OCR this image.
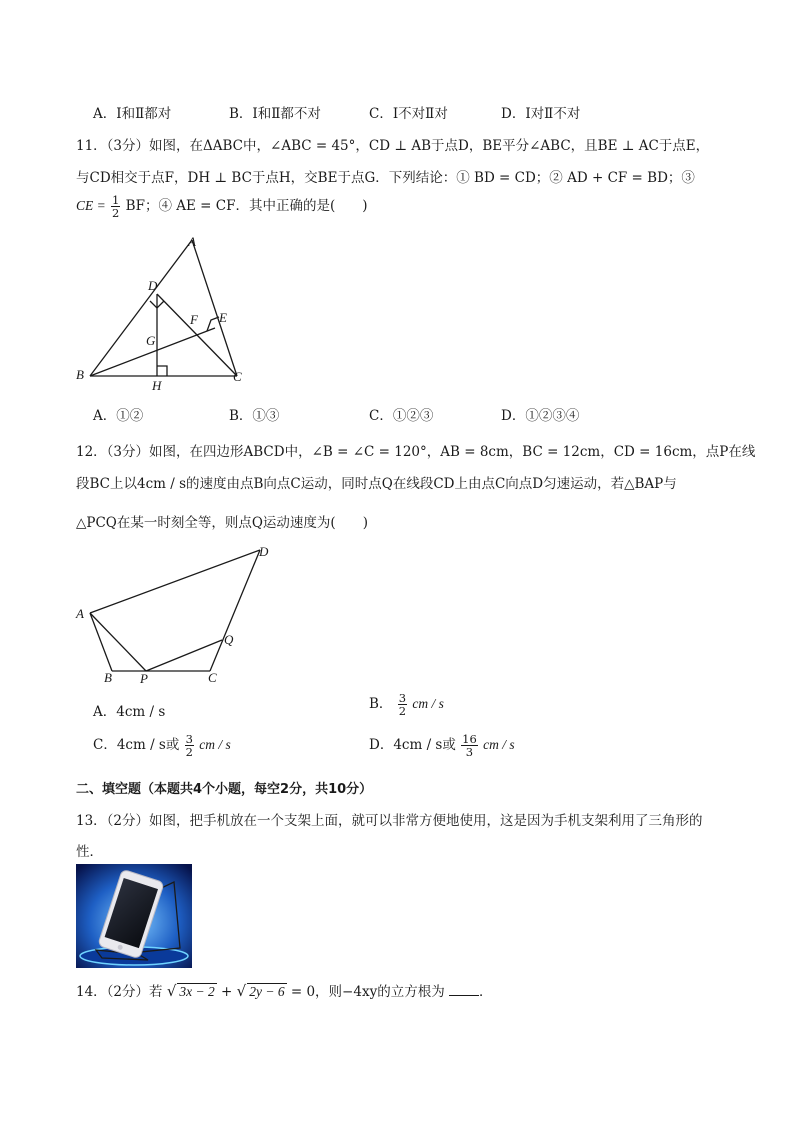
A．Ⅰ和Ⅱ都对	B．Ⅰ和Ⅱ都不对	C．Ⅰ不对Ⅱ对	D．Ⅰ对Ⅱ不对
11．（3分）如图，在ΔABC中，∠ABC = 45°，CD ⊥ AB于点D，BE平分∠ABC，且BE ⊥ AC于点E，
与CD相交于点F，DH ⊥ BC于点H，交BE于点G．下列结论：① BD = CD；② AD + CF = BD；③
CE = $\frac{1}{2}$ BF；④ AE = CF．其中正确的是(　　)
A
D
E
F
G
B
H
C
A．①②	B．①③	C．①②③	D．①②③④
12．（3分）如图，在四边形ABCD中，∠B = ∠C = 120°，AB = 8cm，BC = 12cm，CD = 16cm，点P在线
段BC上以4cm / s的速度由点B向点C运动，同时点Q在线段CD上由点C向点D匀速运动，若△BAP与
△PCQ在某一时刻全等，则点Q运动速度为(　　)
D
A
Q
B P	C
A．4cm / s	B． $\frac{3}{2}$ cm / s
C．4cm / s或 $\frac{3}{2}$ cm / s	D．4cm / s或 $\frac{16}{3}$ cm / s
二、填空题（本题共4个小题，每空2分，共10分）
13．（2分）如图，把手机放在一个支架上面，就可以非常方便地使用，这是因为手机支架利用了三角形的
性．
14．（2分）若 √ 3x − 2 + √ 2y − 6 = 0，则−4xy的立方根为	．
